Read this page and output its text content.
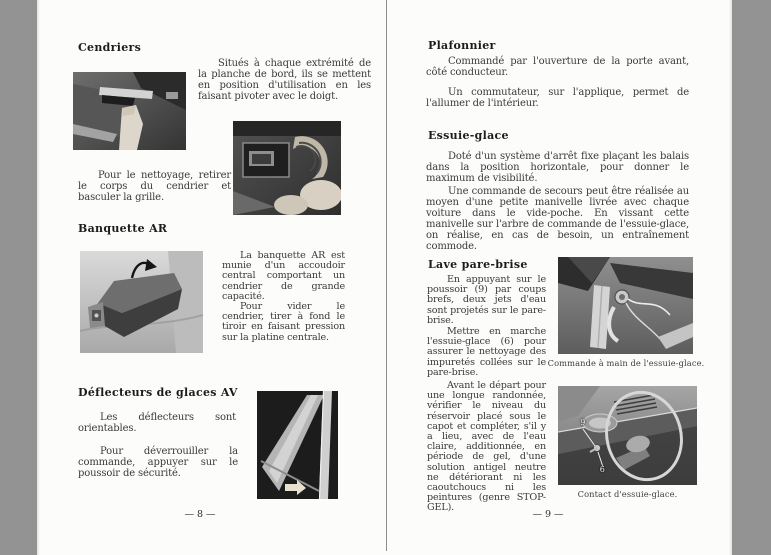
Cendriers

Situés à chaque extrémité de la planche de bord, ils se mettent en position d'utilisation en les faisant pivoter avec le doigt.

Pour le nettoyage, retirer le corps du cendrier et basculer la grille.

Banquette AR

La banquette AR est munie d'un accoudoir central comportant un cendrier de grande capacité.

Pour vider le cendrier, tirer à fond le tiroir en faisant pression sur la platine centrale.

Déflecteurs de glaces AV

Les déflecteurs sont orientables.

Pour déverrouiller la commande, appuyer sur le poussoir de sécurité.

— 8 —

Plafonnier

Commandé par l'ouverture de la porte avant, côté conducteur.

Un commutateur, sur l'applique, permet de l'allumer de l'intérieur.

Essuie-glace

Doté d'un système d'arrêt fixe plaçant les balais dans la position horizontale, pour donner le maximum de visibilité.

Une commande de secours peut être réalisée au moyen d'une petite manivelle livrée avec chaque voiture dans le vide-poche. En vissant cette manivelle sur l'arbre de commande de l'essuie-glace, on réalise, en cas de besoin, un entraînement commode.

Lave pare-brise

En appuyant sur le poussoir (9) par coups brefs, deux jets d'eau sont projetés sur le pare-brise.

Mettre en marche l'essuie-glace (6) pour assurer le nettoyage des impuretés collées sur le pare-brise.

Avant le départ pour une longue randonnée, vérifier le niveau du réservoir placé sous le capot et compléter, s'il y a lieu, avec de l'eau claire, additionnée, en période de gel, d'une solution antigel neutre ne détériorant ni les caoutchoucs ni les peintures (genre STOP-GEL).

Commande à main de l'essuie-glace.
9
6
Contact d'essuie-glace.

— 9 —
